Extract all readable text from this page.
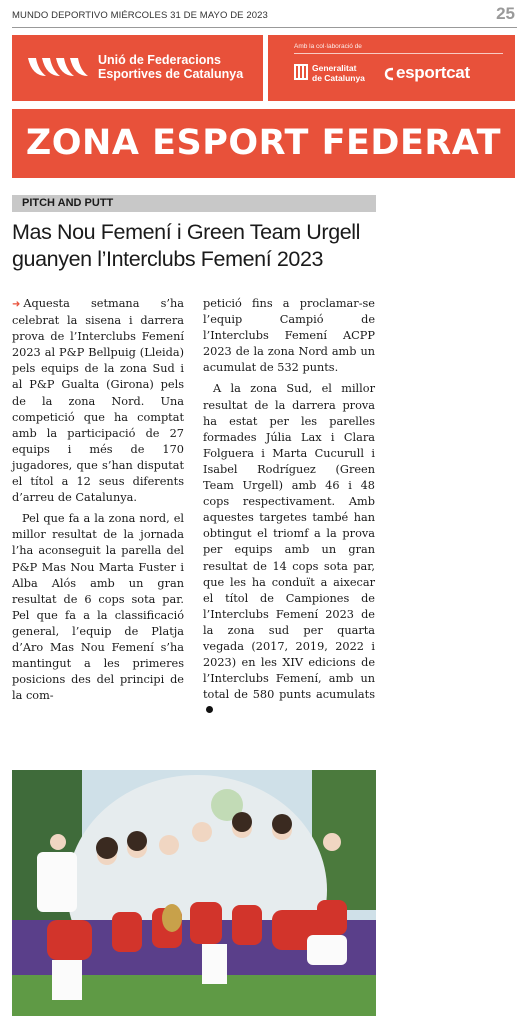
MUNDO DEPORTIVO MIÉRCOLES 31 DE MAYO DE 2023	25
Unió de Federacions
Esportives de Catalunya
Amb la col·laboració de
Generalitat
de Catalunya	esportcat
ZONA ESPORT FEDERAT
PITCH AND PUTT
Mas Nou Femení i Green Team Urgell
guanyen l’Interclubs Femení 2023

➜ Aquesta setmana s’ha celebrat la sisena i darrera prova de l’Interclubs Femení 2023 al P&P Bellpuig (Lleida) pels equips de la zona Sud i al P&P Gualta (Girona) pels de la zona Nord. Una competició que ha comptat amb la participació de 27 equips i més de 170 jugadores, que s’han disputat el títol a 12 seus diferents d’arreu de Catalunya.

Pel que fa a la zona nord, el millor resultat de la jornada l’ha aconseguit la parella del P&P Mas Nou Marta Fuster i Alba Alós amb un gran resultat de 6 cops sota par. Pel que fa a la classificació general, l’equip de Platja d’Aro Mas Nou Femení s’ha mantingut a les primeres posicions des del principi de la com-

petició fins a proclamar-se l’equip Campió de l’Interclubs Femení ACPP 2023 de la zona Nord amb un acumulat de 532 punts.

A la zona Sud, el millor resultat de la darrera prova ha estat per les parelles formades Júlia Lax i Clara Folguera i Marta Cucurull i Isabel Rodríguez (Green Team Urgell) amb 46 i 48 cops respectivament. Amb aquestes targetes també han obtingut el triomf a la prova per equips amb un gran resultat de 14 cops sota par, que les ha conduït a aixecar el títol de Campiones de l’Interclubs Femení 2023 de la zona sud per quarta vegada (2017, 2019, 2022 i 2023) en les XIV edicions de l’Interclubs Femení, amb un total de 580 punts acumulats
